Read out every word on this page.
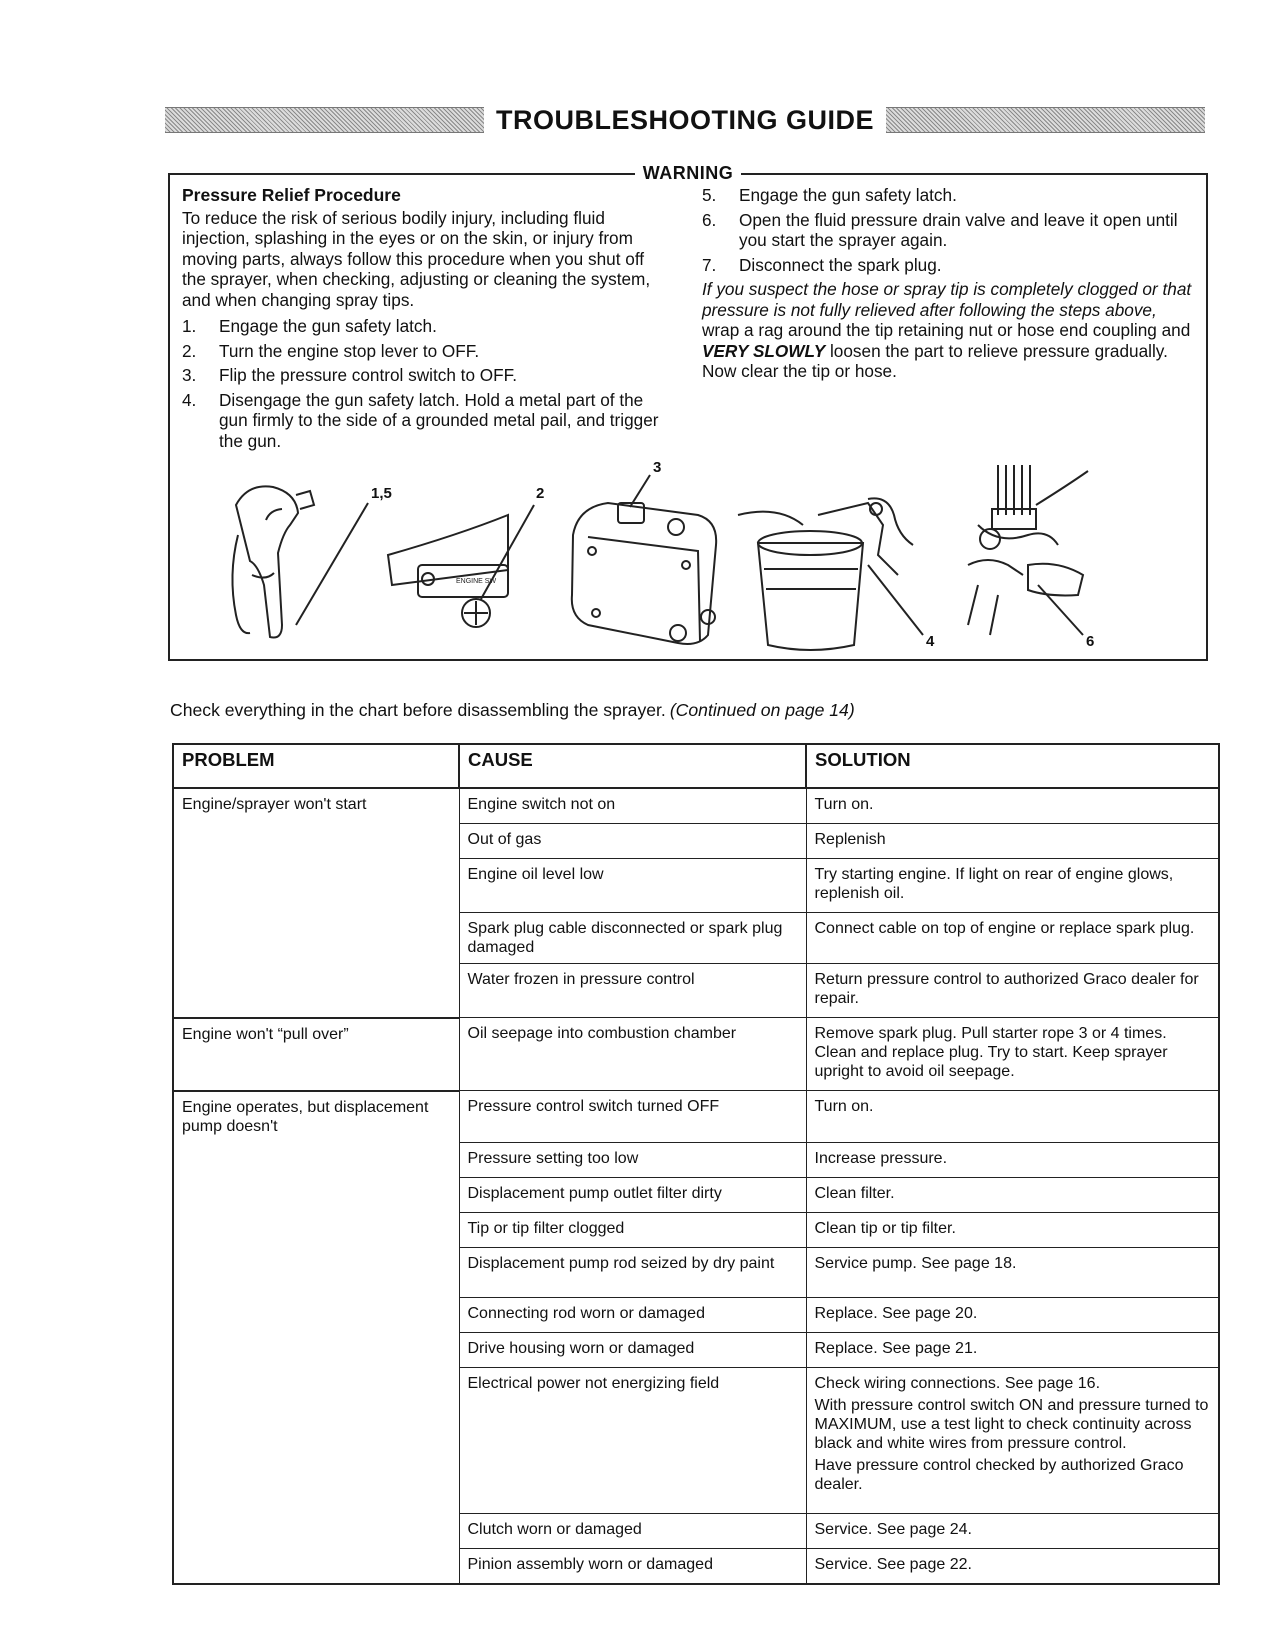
TROUBLESHOOTING GUIDE
WARNING
Pressure Relief Procedure

To reduce the risk of serious bodily injury, including fluid injection, splashing in the eyes or on the skin, or injury from moving parts, always follow this procedure when you shut off the sprayer, when checking, adjusting or cleaning the system, and when changing spray tips.

1.	Engage the gun safety latch.
2.	Turn the engine stop lever to OFF.
3.	Flip the pressure control switch to OFF.
4.	Disengage the gun safety latch. Hold a metal part of the gun firmly to the side of a grounded metal pail, and trigger the gun.
5.	Engage the gun safety latch.
6.	Open the fluid pressure drain valve and leave it open until you start the sprayer again.
7.	Disconnect the spark plug.

If you suspect the hose or spray tip is completely clogged or that pressure is not fully relieved after following the steps above, wrap a rag around the tip retaining nut or hose end coupling and VERY SLOWLY loosen the part to relieve pressure gradually. Now clear the tip or hose.

ENGINE SW
1,5	2
3
4	6
Check everything in the chart before disassembling the sprayer. (Continued on page 14)
PROBLEM	CAUSE	SOLUTION
Engine/sprayer won't start	Engine switch not on	Turn on.

	Out of gas	Replenish

	Engine oil level low	Try starting engine. If light on rear of engine glows, replenish oil.

	Spark plug cable disconnected or spark plug damaged	Connect cable on top of engine or replace spark plug.

	Water frozen in pressure control	Return pressure control to authorized Graco dealer for repair.

Engine won't “pull over”	Oil seepage into combustion chamber	Remove spark plug. Pull starter rope 3 or 4 times. Clean and replace plug. Try to start. Keep sprayer upright to avoid oil seepage.

Engine operates, but displacement pump doesn't	Pressure control switch turned OFF	Turn on.

	Pressure setting too low	Increase pressure.

	Displacement pump outlet filter dirty	Clean filter.

	Tip or tip filter clogged	Clean tip or tip filter.

	Displacement pump rod seized by dry paint	Service pump. See page 18.

	Connecting rod worn or damaged	Replace. See page 20.

	Drive housing worn or damaged	Replace. See page 21.

	Electrical power not energizing field	Check wiring connections. See page 16.

With pressure control switch ON and pressure turned to MAXIMUM, use a test light to check continuity across black and white wires from pressure control.

Have pressure control checked by authorized Graco dealer.

	Clutch worn or damaged	Service. See page 24.

	Pinion assembly worn or damaged	Service. See page 22.
